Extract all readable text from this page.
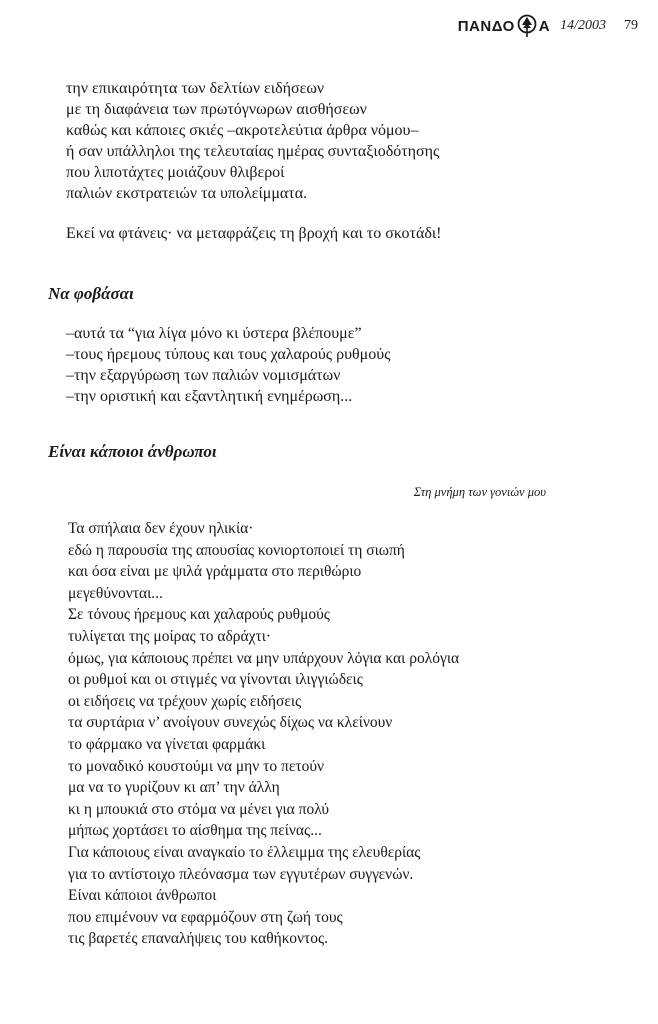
ΠΑΝΔΟ Α 14/2003 79
την επικαιρότητα των δελτίων ειδήσεων
με τη διαφάνεια των πρωτόγνωρων αισθήσεων
καθώς και κάποιες σκιές –ακροτελεύτια άρθρα νόμου–
ή σαν υπάλληλοι της τελευταίας ημέρας συνταξιοδότησης
που λιποτάχτες μοιάζουν θλιβεροί
παλιών εκστρατειών τα υπολείμματα.
Εκεί να φτάνεις· να μεταφράζεις τη βροχή και το σκοτάδι!
Να φοβάσαι
–αυτά τα “για λίγα μόνο κι ύστερα βλέπουμε”
–τους ήρεμους τύπους και τους χαλαρούς ρυθμούς
–την εξαργύρωση των παλιών νομισμάτων
–την οριστική και εξαντλητική ενημέρωση...
Είναι κάποιοι άνθρωποι
Στη μνήμη των γονιών μου
Τα σπήλαια δεν έχουν ηλικία·
εδώ η παρουσία της απουσίας κονιορτοποιεί τη σιωπή
και όσα είναι με ψιλά γράμματα στο περιθώριο
μεγεθύνονται...
Σε τόνους ήρεμους και χαλαρούς ρυθμούς
τυλίγεται της μοίρας το αδράχτι·
όμως, για κάποιους πρέπει να μην υπάρχουν λόγια και ρολόγια
οι ρυθμοί και οι στιγμές να γίνονται ιλιγγιώδεις
οι ειδήσεις να τρέχουν χωρίς ειδήσεις
τα συρτάρια ν’ ανοίγουν συνεχώς δίχως να κλείνουν
το φάρμακο να γίνεται φαρμάκι
το μοναδικό κουστούμι να μην το πετούν
μα να το γυρίζουν κι απ’ την άλλη
κι η μπουκιά στο στόμα να μένει για πολύ
μήπως χορτάσει το αίσθημα της πείνας...
Για κάποιους είναι αναγκαίο το έλλειμμα της ελευθερίας
για το αντίστοιχο πλεόνασμα των εγγυτέρων συγγενών.
Είναι κάποιοι άνθρωποι
που επιμένουν να εφαρμόζουν στη ζωή τους
τις βαρετές επαναλήψεις του καθήκοντος.
